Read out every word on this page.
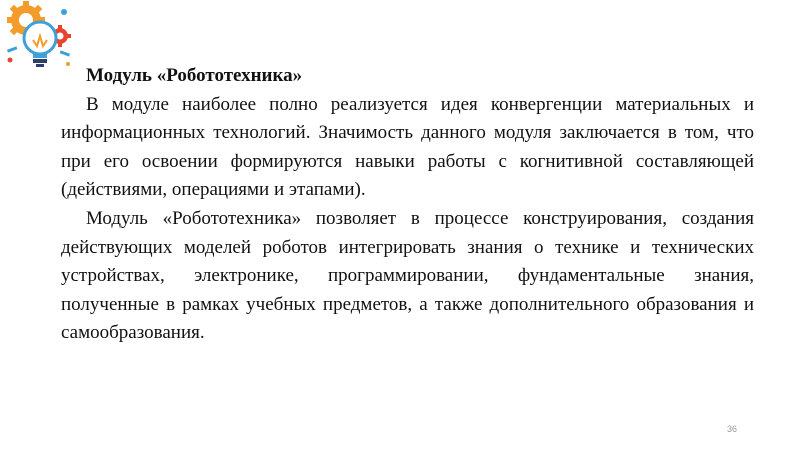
Модуль «Робототехника»

В модуле наиболее полно реализуется идея конвергенции материальных и информационных технологий. Значимость данного модуля заключается в том, что при его освоении формируются навыки работы с когнитивной составляющей (действиями, операциями и этапами).

Модуль «Робототехника» позволяет в процессе конструирования, создания действующих моделей роботов интегрировать знания о технике и технических устройствах, электронике, программировании, фундаментальные знания, полученные в рамках учебных предметов, а также дополнительного образования и самообразования.

36
